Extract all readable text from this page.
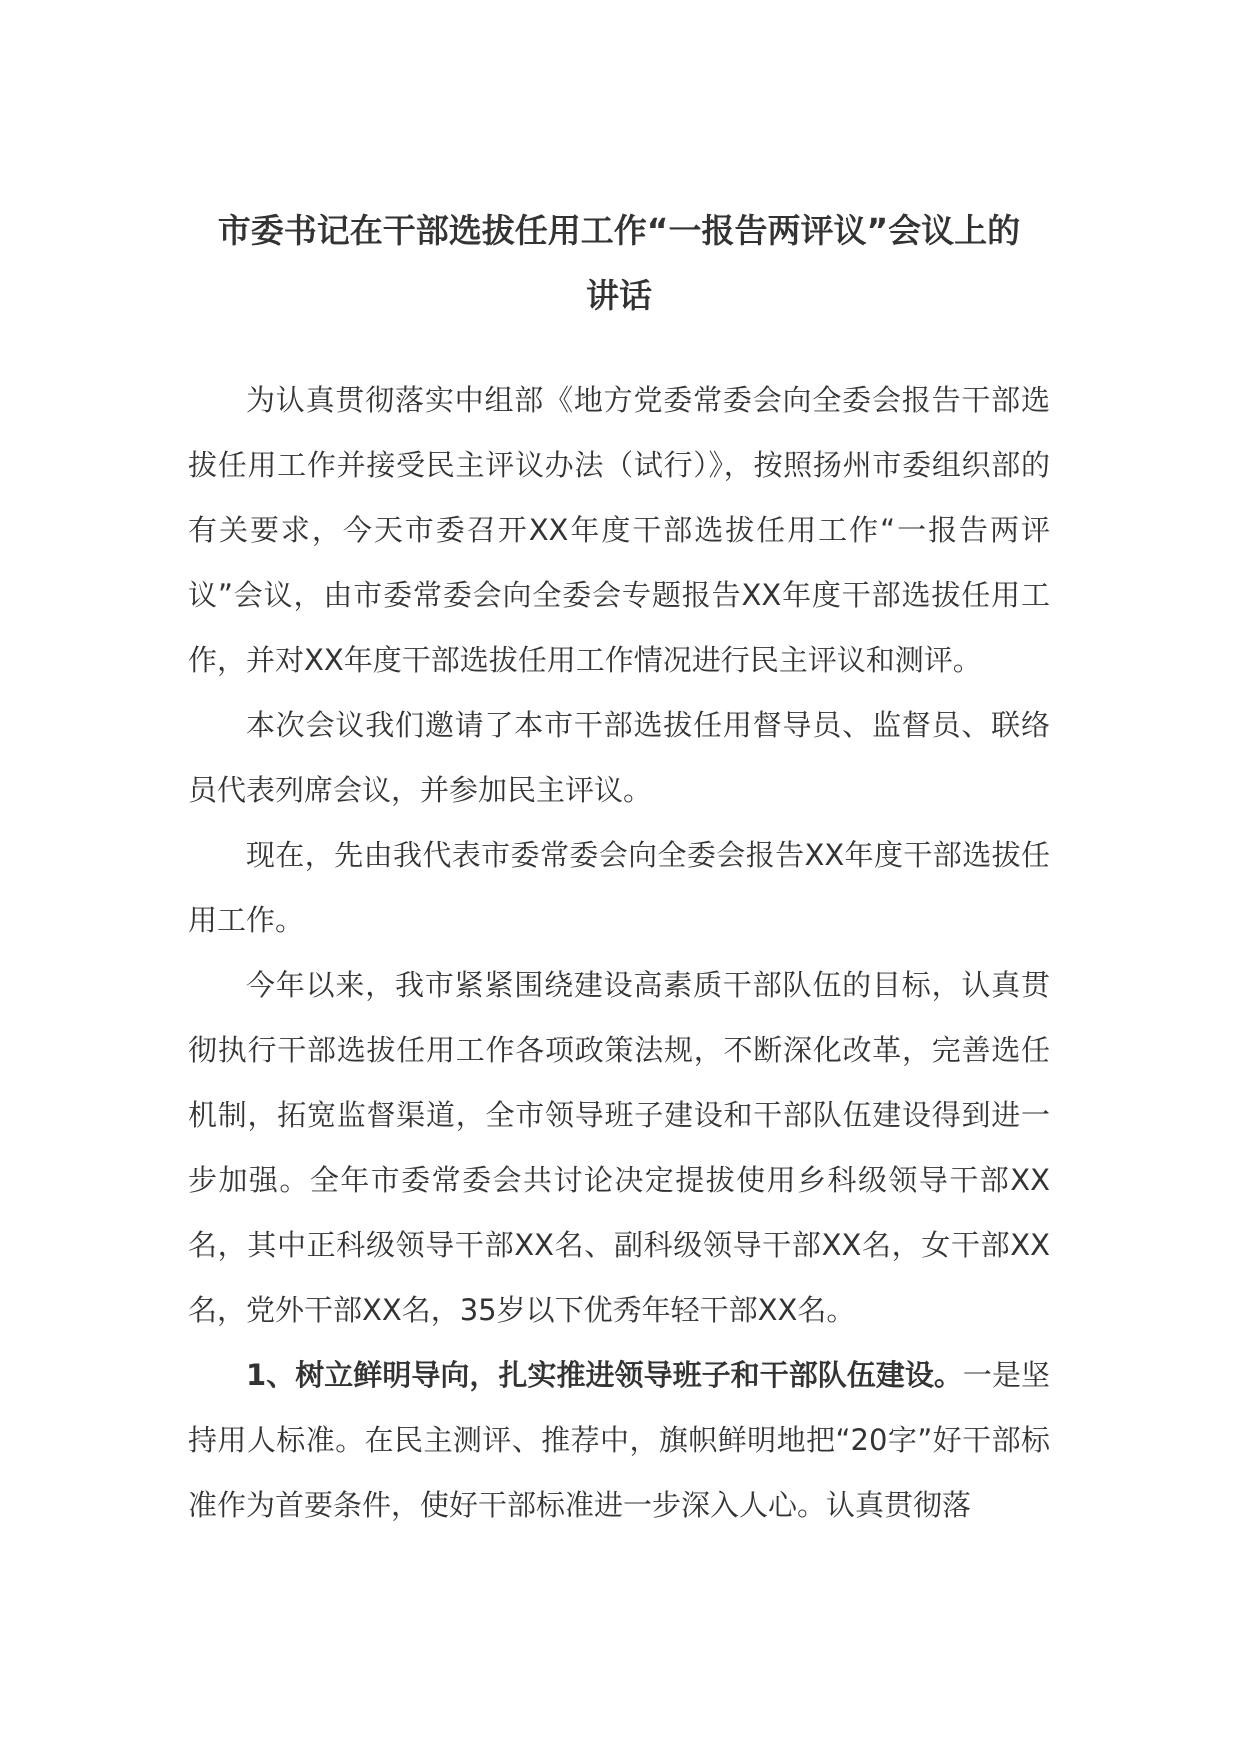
市委书记在干部选拔任用工作“一报告两评议”会议上的
讲话

为认真贯彻落实中组部《地方党委常委会向全委会报告干部选拔任用工作并接受民主评议办法（试行）》，按照扬州市委组织部的有关要求，今天市委召开XX年度干部选拔任用工作“一报告两评议”会议，由市委常委会向全委会专题报告XX年度干部选拔任用工作，并对XX年度干部选拔任用工作情况进行民主评议和测评。

本次会议我们邀请了本市干部选拔任用督导员、监督员、联络员代表列席会议，并参加民主评议。

现在，先由我代表市委常委会向全委会报告XX年度干部选拔任用工作。

今年以来，我市紧紧围绕建设高素质干部队伍的目标，认真贯彻执行干部选拔任用工作各项政策法规，不断深化改革，完善选任机制，拓宽监督渠道，全市领导班子建设和干部队伍建设得到进一步加强。全年市委常委会共讨论决定提拔使用乡科级领导干部XX名，其中正科级领导干部XX名、副科级领导干部XX名，女干部XX名，党外干部XX名，35岁以下优秀年轻干部XX名。

1、树立鲜明导向，扎实推进领导班子和干部队伍建设。一是坚持用人标准。在民主测评、推荐中，旗帜鲜明地把“20字”好干部标准作为首要条件，使好干部标准进一步深入人心。认真贯彻落
